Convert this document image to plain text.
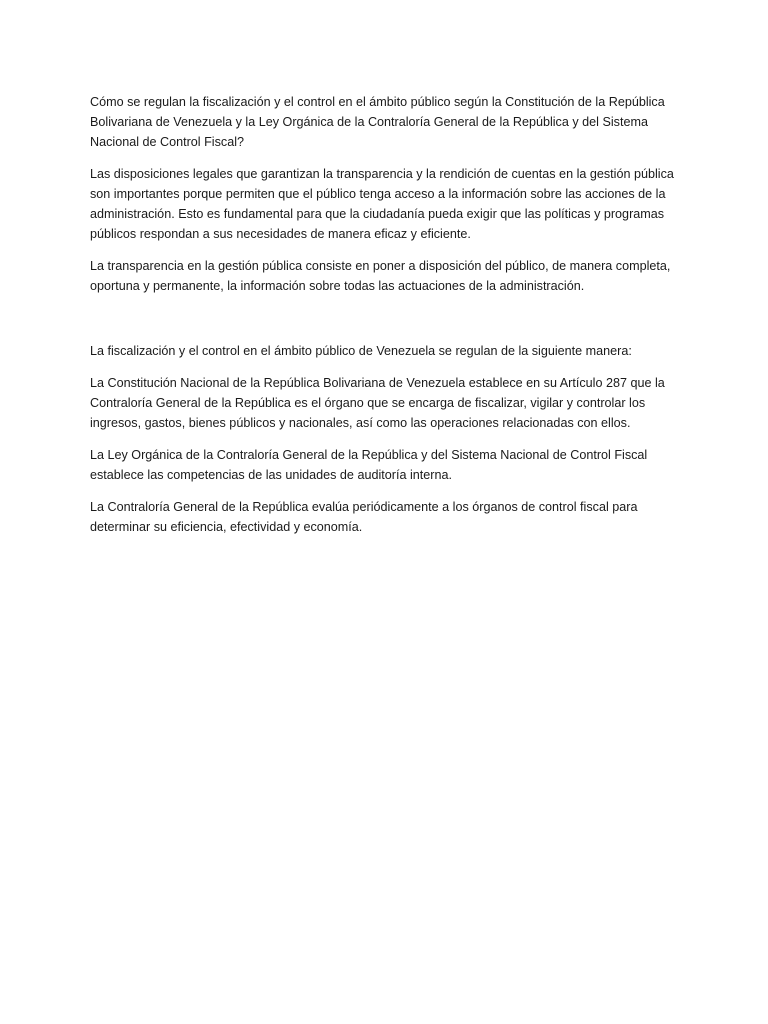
Cómo se regulan la fiscalización y el control en el ámbito público según la Constitución de la República Bolivariana de Venezuela y la Ley Orgánica de la Contraloría General de la República y del Sistema Nacional de Control Fiscal?

Las disposiciones legales que garantizan la transparencia y la rendición de cuentas en la gestión pública son importantes porque permiten que el público tenga acceso a la información sobre las acciones de la administración. Esto es fundamental para que la ciudadanía pueda exigir que las políticas y programas públicos respondan a sus necesidades de manera eficaz y eficiente.

La transparencia en la gestión pública consiste en poner a disposición del público, de manera completa, oportuna y permanente, la información sobre todas las actuaciones de la administración.

La fiscalización y el control en el ámbito público de Venezuela se regulan de la siguiente manera:

La Constitución Nacional de la República Bolivariana de Venezuela establece en su Artículo 287 que la Contraloría General de la República es el órgano que se encarga de fiscalizar, vigilar y controlar los ingresos, gastos, bienes públicos y nacionales, así como las operaciones relacionadas con ellos.

La Ley Orgánica de la Contraloría General de la República y del Sistema Nacional de Control Fiscal establece las competencias de las unidades de auditoría interna.

La Contraloría General de la República evalúa periódicamente a los órganos de control fiscal para determinar su eficiencia, efectividad y economía.
